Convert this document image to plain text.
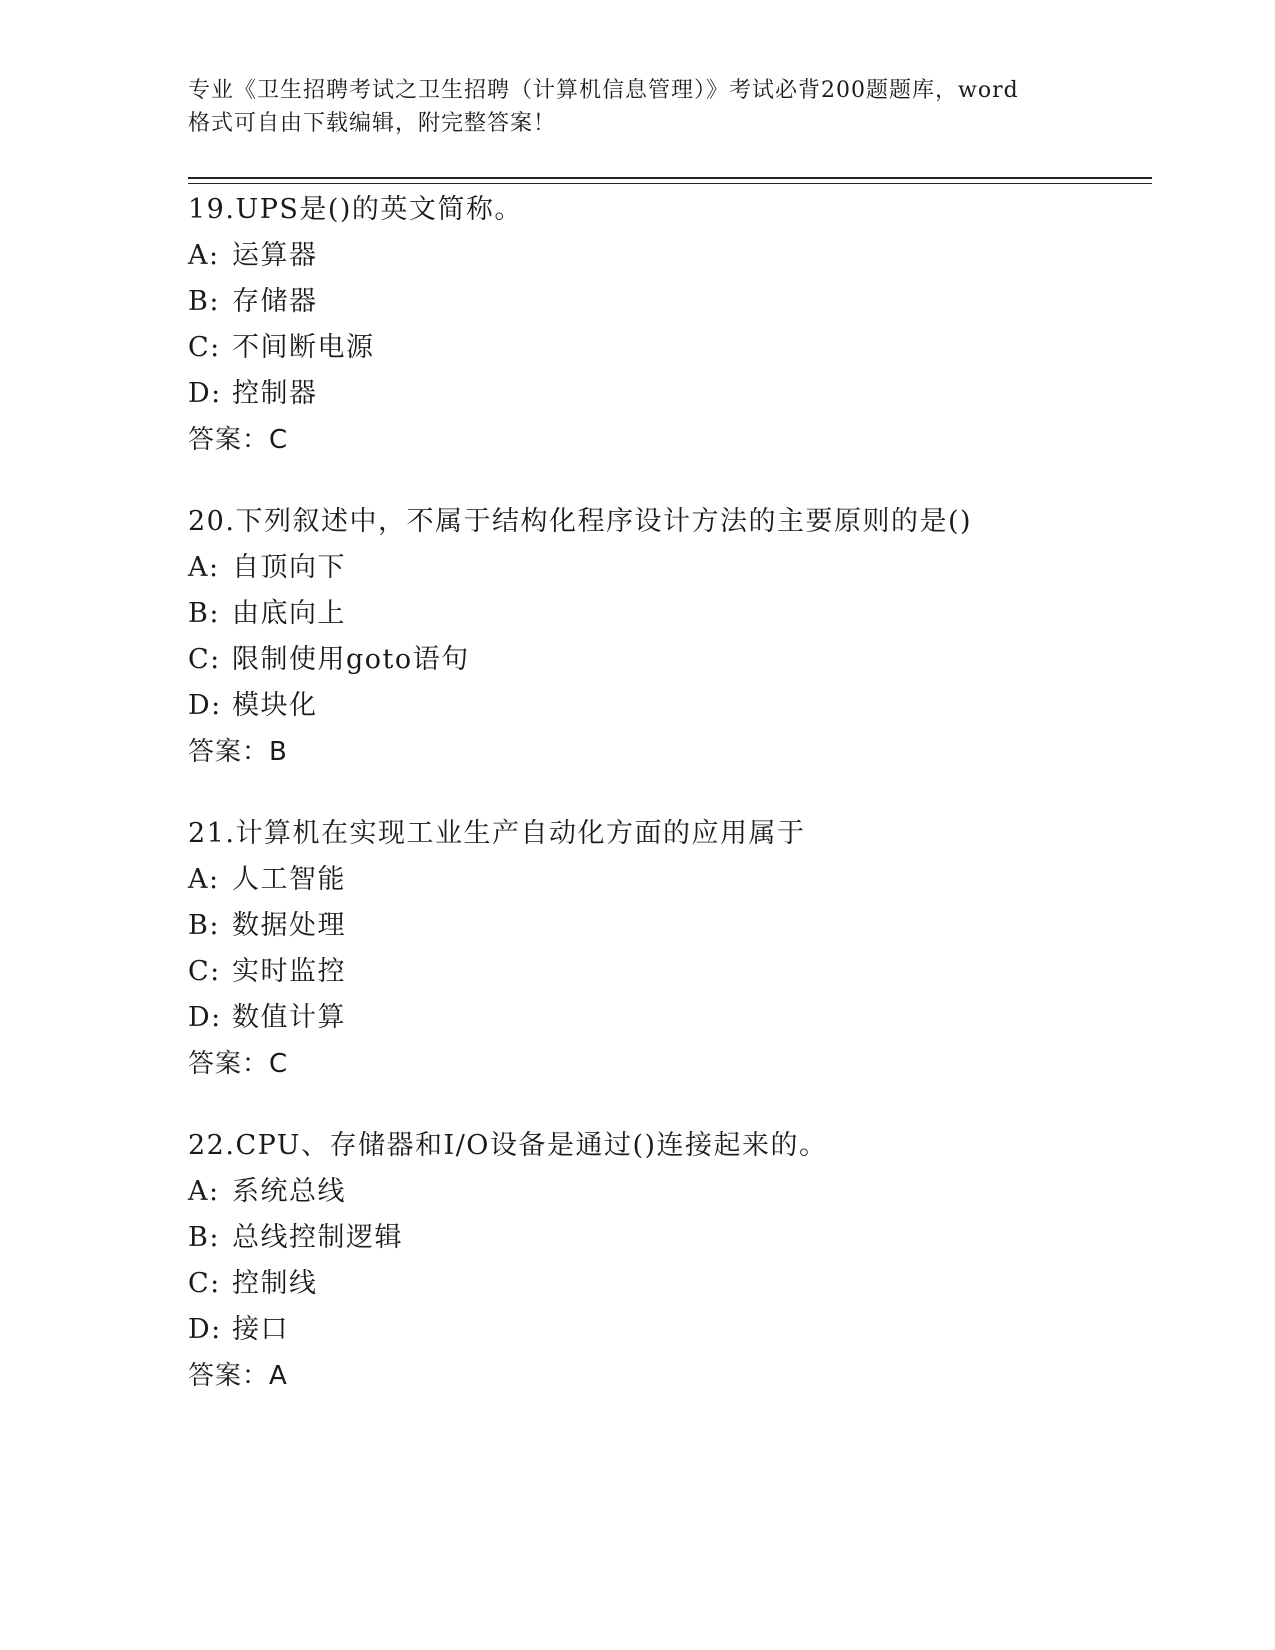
专业《卫生招聘考试之卫生招聘（计算机信息管理）》考试必背200题题库，word
格式可自由下载编辑，附完整答案！
19.UPS是()的英文简称。
A: 运算器
B: 存储器
C: 不间断电源
D: 控制器
答案：C
20.下列叙述中，不属于结构化程序设计方法的主要原则的是()
A: 自顶向下
B: 由底向上
C: 限制使用goto语句
D: 模块化
答案：B
21.计算机在实现工业生产自动化方面的应用属于
A: 人工智能
B: 数据处理
C: 实时监控
D: 数值计算
答案：C
22.CPU、存储器和I/O设备是通过()连接起来的。
A: 系统总线
B: 总线控制逻辑
C: 控制线
D: 接口
答案：A
